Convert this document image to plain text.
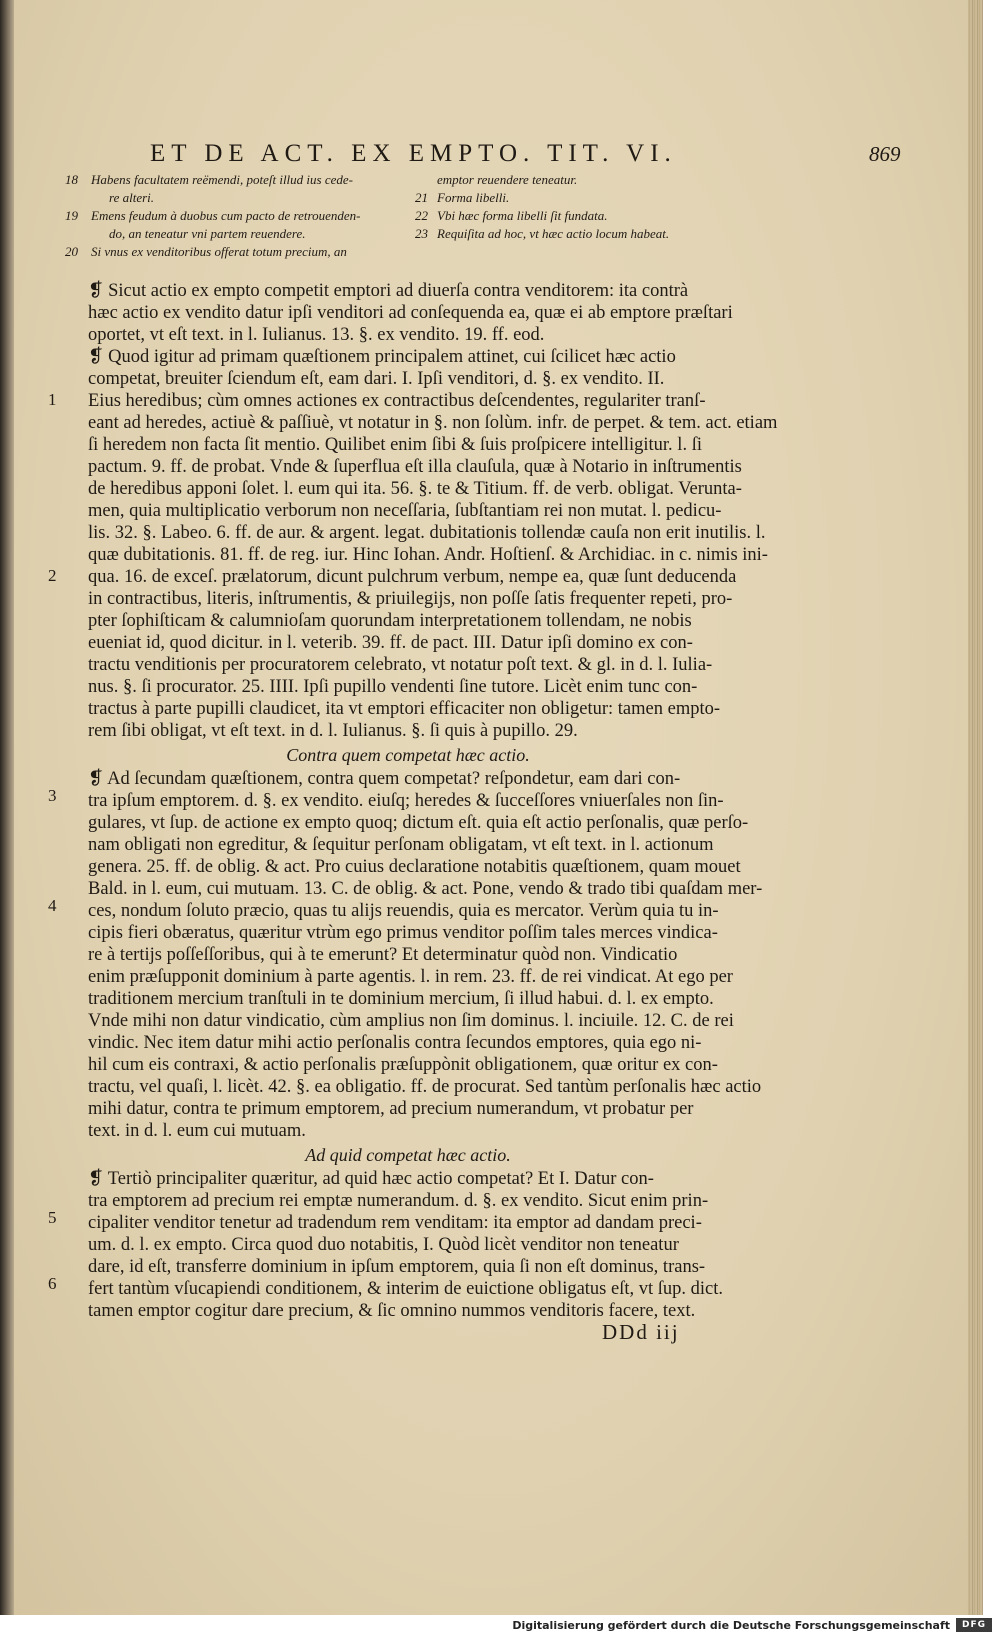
ET DE ACT. EX EMPTO. TIT. VI.	869
18 Habens facultatem reëmendi, poteſt illud ius cede-
re alteri.
19 Emens feudum à duobus cum pacto de retrouenden-
do, an teneatur vni partem reuendere.
20 Si vnus ex venditoribus offerat totum precium, an
emptor reuendere teneatur.
21 Forma libelli.
22 Vbi hæc forma libelli ſit fundata.
23 Requiſita ad hoc, vt hæc actio locum habeat.
1
2
3
4
5
6
❡ Sicut actio ex empto competit emptori ad diuerſa contra venditorem: ita contrà
hæc actio ex vendito datur ipſi venditori ad conſequenda ea, quæ ei ab emptore præſtari
oportet, vt eſt text. in l. Iulianus. 13. §. ex vendito. 19. ff. eod.
❡ Quod igitur ad primam quæſtionem principalem attinet, cui ſcilicet hæc actio
competat, breuiter ſciendum eſt, eam dari. I. Ipſi venditori, d. §. ex vendito. II.
Eius heredibus; cùm omnes actiones ex contractibus deſcendentes, regulariter tranſ-
eant ad heredes, actiuè & paſſiuè, vt notatur in §. non ſolùm. infr. de perpet. & tem. act. etiam
ſi heredem non facta ſit mentio. Quilibet enim ſibi & ſuis proſpicere intelligitur. l. ſi
pactum. 9. ff. de probat. Vnde & ſuperflua eſt illa clauſula, quæ à Notario in inſtrumentis
de heredibus apponi ſolet. l. eum qui ita. 56. §. te & Titium. ff. de verb. obligat. Veruntа-
men, quia multiplicatio verborum non neceſſaria, ſubſtantiam rei non mutat. l. pedicu-
lis. 32. §. Labeo. 6. ff. de aur. & argent. legat. dubitationis tollendæ cauſa non erit inutilis. l.
quæ dubitationis. 81. ff. de reg. iur. Hinc Iohan. Andr. Hoſtienſ. & Archidiac. in c. nimis ini-
qua. 16. de exceſ. prælatorum, dicunt pulchrum verbum, nempe ea, quæ ſunt deducenda
in contractibus, literis, inſtrumentis, & priuilegijs, non poſſe ſatis frequenter repeti, pro-
pter ſophiſticam & calumnioſam quorundam interpretationem tollendam, ne nobis
eueniat id, quod dicitur. in l. veterib. 39. ff. de pact. III. Datur ipſi domino ex con-
tractu venditionis per procuratorem celebrato, vt notatur poſt text. & gl. in d. l. Iulia-
nus. §. ſi procurator. 25. IIII. Ipſi pupillo vendenti ſine tutore. Licèt enim tunc con-
tractus à parte pupilli claudicet, ita vt emptori efficaciter non obligetur: tamen empto-
rem ſibi obligat, vt eſt text. in d. l. Iulianus. §. ſi quis à pupillo. 29.
Contra quem competat hæc actio.
❡ Ad ſecundam quæſtionem, contra quem competat? reſpondetur, eam dari con-
tra ipſum emptorem. d. §. ex vendito. eiuſq; heredes & ſucceſſores vniuerſales non ſin-
gulares, vt ſup. de actione ex empto quoq; dictum eſt. quia eſt actio perſonalis, quæ perſo-
nam obligati non egreditur, & ſequitur perſonam obligatam, vt eſt text. in l. actionum
genera. 25. ff. de oblig. & act. Pro cuius declaratione notabitis quæſtionem, quam mouet
Bald. in l. eum, cui mutuam. 13. C. de oblig. & act. Pone, vendo & trado tibi quaſdam mer-
ces, nondum ſoluto præcio, quas tu alijs reuendis, quia es mercator. Verùm quia tu in-
cipis fieri obæratus, quæritur vtrùm ego primus venditor poſſim tales merces vindica-
re à tertijs poſſeſſoribus, qui à te emerunt? Et determinatur quòd non. Vindicatio
enim præſupponit dominium à parte agentis. l. in rem. 23. ff. de rei vindicat. At ego per
traditionem mercium tranſtuli in te dominium mercium, ſi illud habui. d. l. ex empto.
Vnde mihi non datur vindicatio, cùm amplius non ſim dominus. l. inciuile. 12. C. de rei
vindic. Nec item datur mihi actio perſonalis contra ſecundos emptores, quia ego ni-
hil cum eis contraxi, & actio perſonalis præſuppònit obligationem, quæ oritur ex con-
tractu, vel quaſi, l. licèt. 42. §. ea obligatio. ff. de procurat. Sed tantùm perſonalis hæc actio
mihi datur, contra te primum emptorem, ad precium numerandum, vt probatur per
text. in d. l. eum cui mutuam.
Ad quid competat hæc actio.
❡ Tertiò principaliter quæritur, ad quid hæc actio competat? Et I. Datur con-
tra emptorem ad precium rei emptæ numerandum. d. §. ex vendito. Sicut enim prin-
cipaliter venditor tenetur ad tradendum rem venditam: ita emptor ad dandam preci-
um. d. l. ex empto. Circa quod duo notabitis, I. Quòd licèt venditor non teneatur
dare, id eſt, transferre dominium in ipſum emptorem, quia ſi non eſt dominus, trans-
fert tantùm vſucapiendi conditionem, & interim de euictione obligatus eſt, vt ſup. dict.
tamen emptor cogitur dare precium, & ſic omnino nummos venditoris facere, text.
DDd iij
Digitalisierung gefördert durch die Deutsche Forschungsgemeinschaft	DFG
